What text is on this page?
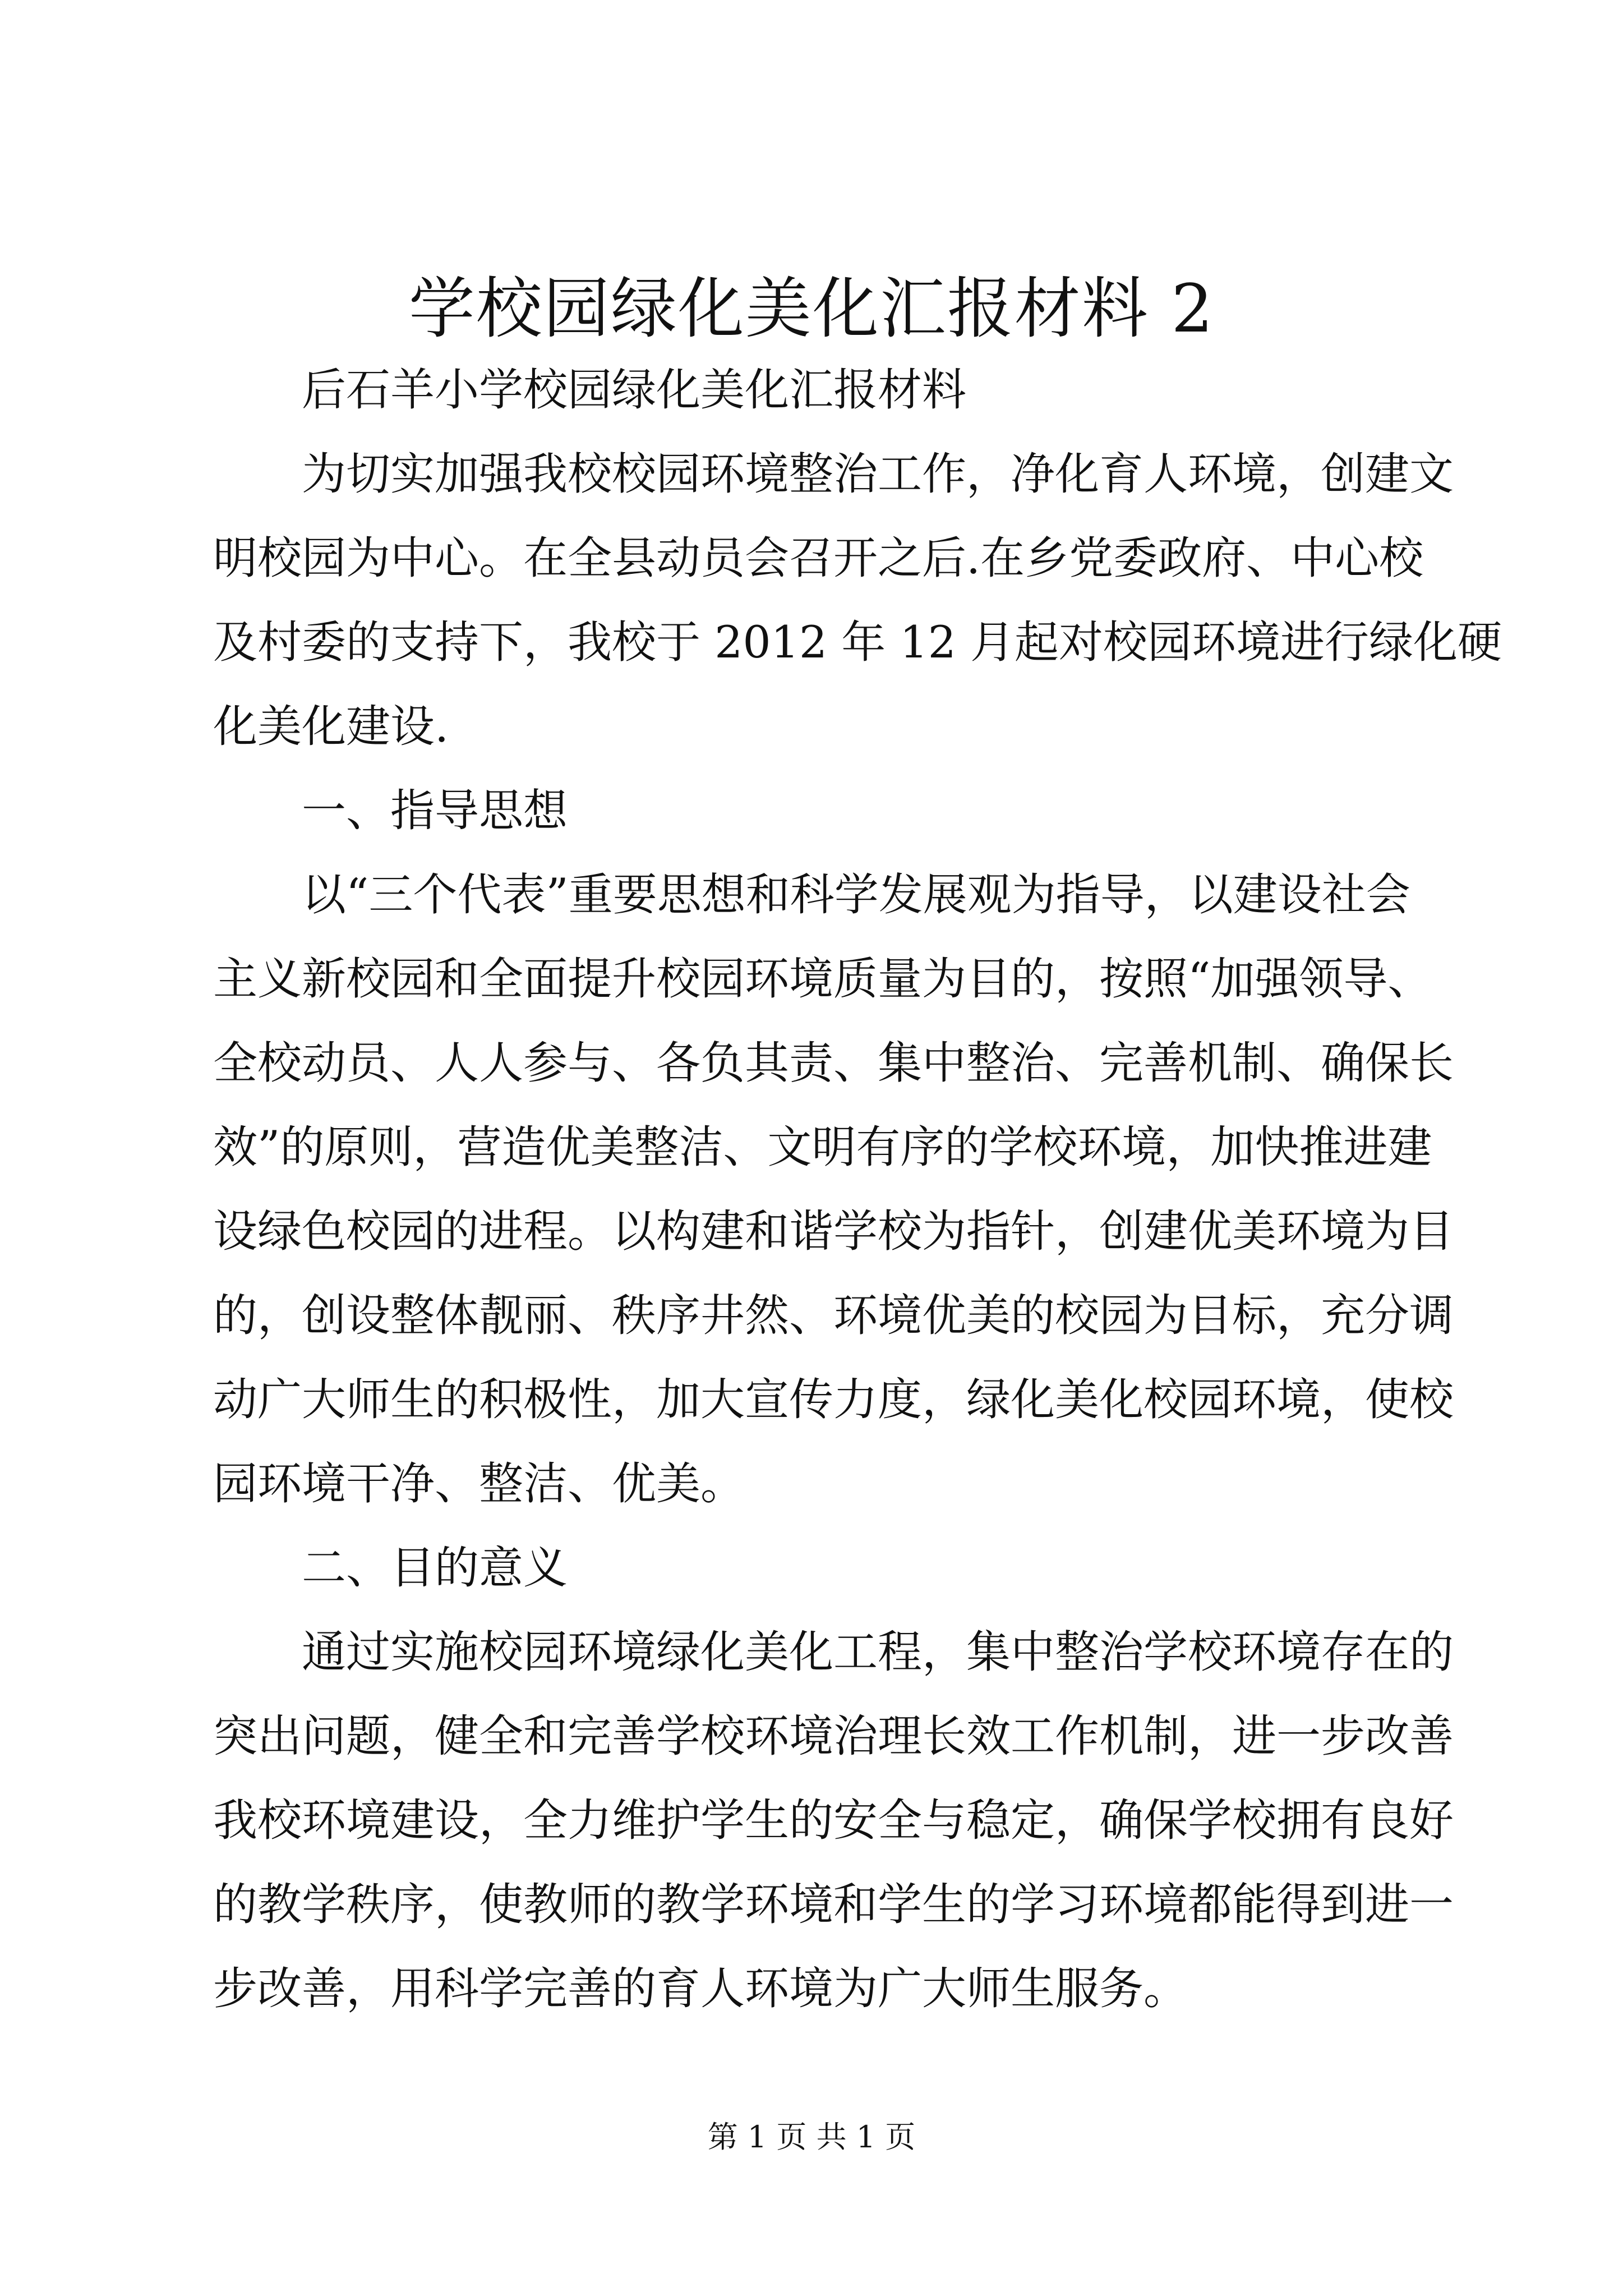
学校园绿化美化汇报材料 2
后石羊小学校园绿化美化汇报材料
为切实加强我校校园环境整治工作，净化育人环境，创建文
明校园为中心。在全县动员会召开之后.在乡党委政府、中心校
及村委的支持下，我校于 2012 年 12 月起对校园环境进行绿化硬
化美化建设.
一、指导思想
以“三个代表”重要思想和科学发展观为指导，以建设社会
主义新校园和全面提升校园环境质量为目的，按照“加强领导、
全校动员、人人参与、各负其责、集中整治、完善机制、确保长
效”的原则，营造优美整洁、文明有序的学校环境，加快推进建
设绿色校园的进程。以构建和谐学校为指针，创建优美环境为目
的，创设整体靓丽、秩序井然、环境优美的校园为目标，充分调
动广大师生的积极性，加大宣传力度，绿化美化校园环境，使校
园环境干净、整洁、优美。
二、目的意义
通过实施校园环境绿化美化工程，集中整治学校环境存在的
突出问题，健全和完善学校环境治理长效工作机制，进一步改善
我校环境建设，全力维护学生的安全与稳定，确保学校拥有良好
的教学秩序，使教师的教学环境和学生的学习环境都能得到进一
步改善，用科学完善的育人环境为广大师生服务。
第 1 页 共 1 页
